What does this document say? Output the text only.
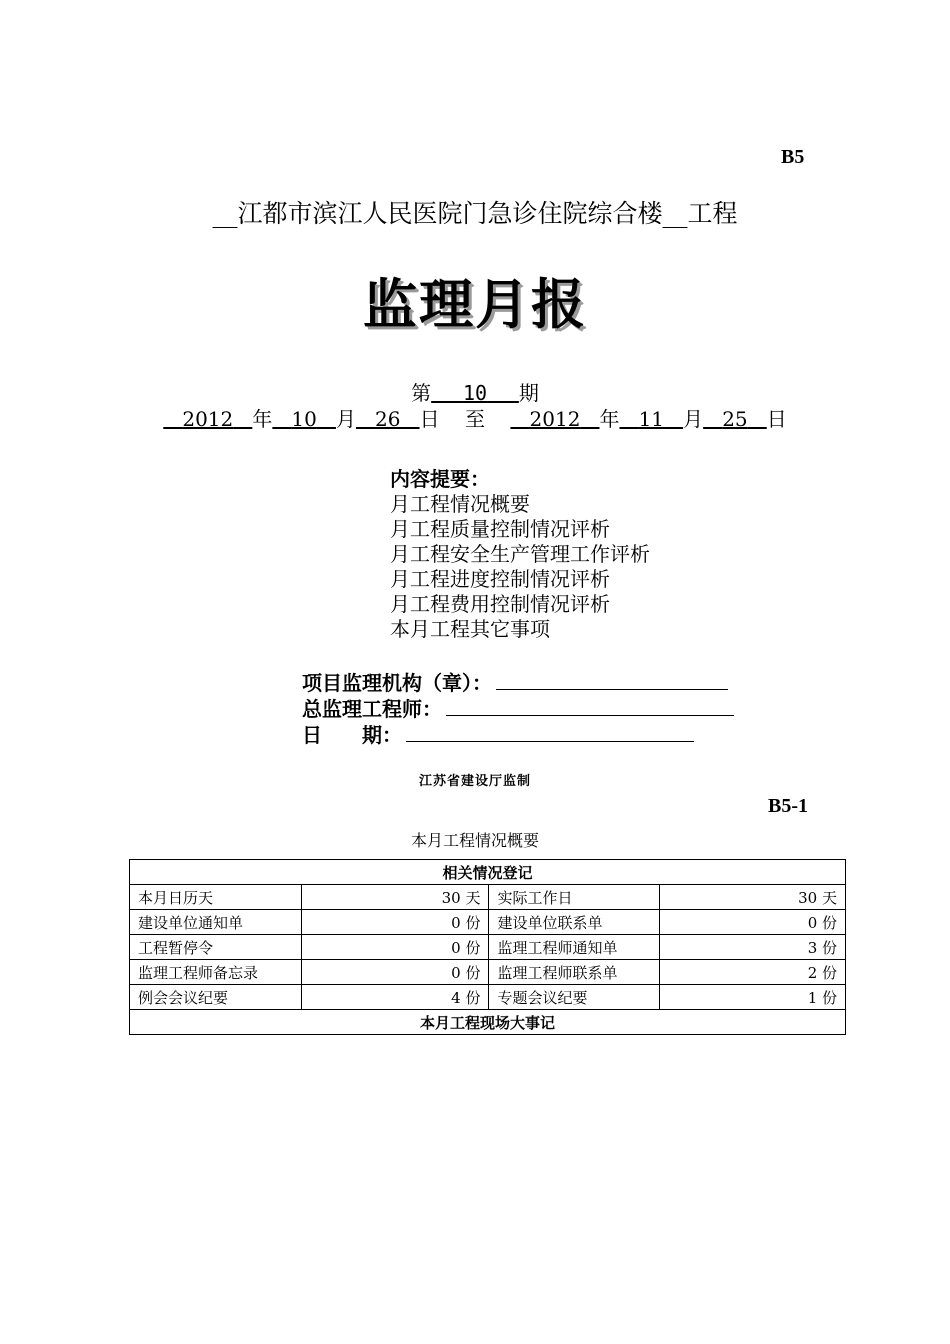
B5
__江都市滨江人民医院门急诊住院综合楼__工程
监理月报
第 10 期
2012 年 10 月 26 日 至 2012 年 11 月 25 日
内容提要：
月工程情况概要
月工程质量控制情况评析
月工程安全生产管理工作评析
月工程进度控制情况评析
月工程费用控制情况评析
本月工程其它事项
项目监理机构（章）：
总监理工程师：
日　　期：
江苏省建设厅监制
B5-1
本月工程情况概要
相关情况登记			
本月日历天	30 天	实际工作日	30 天
建设单位通知单	0 份	建设单位联系单	0 份
工程暂停令	0 份	监理工程师通知单	3 份
监理工程师备忘录	0 份	监理工程师联系单	2 份
例会会议纪要	4 份	专题会议纪要	1 份
本月工程现场大事记			
